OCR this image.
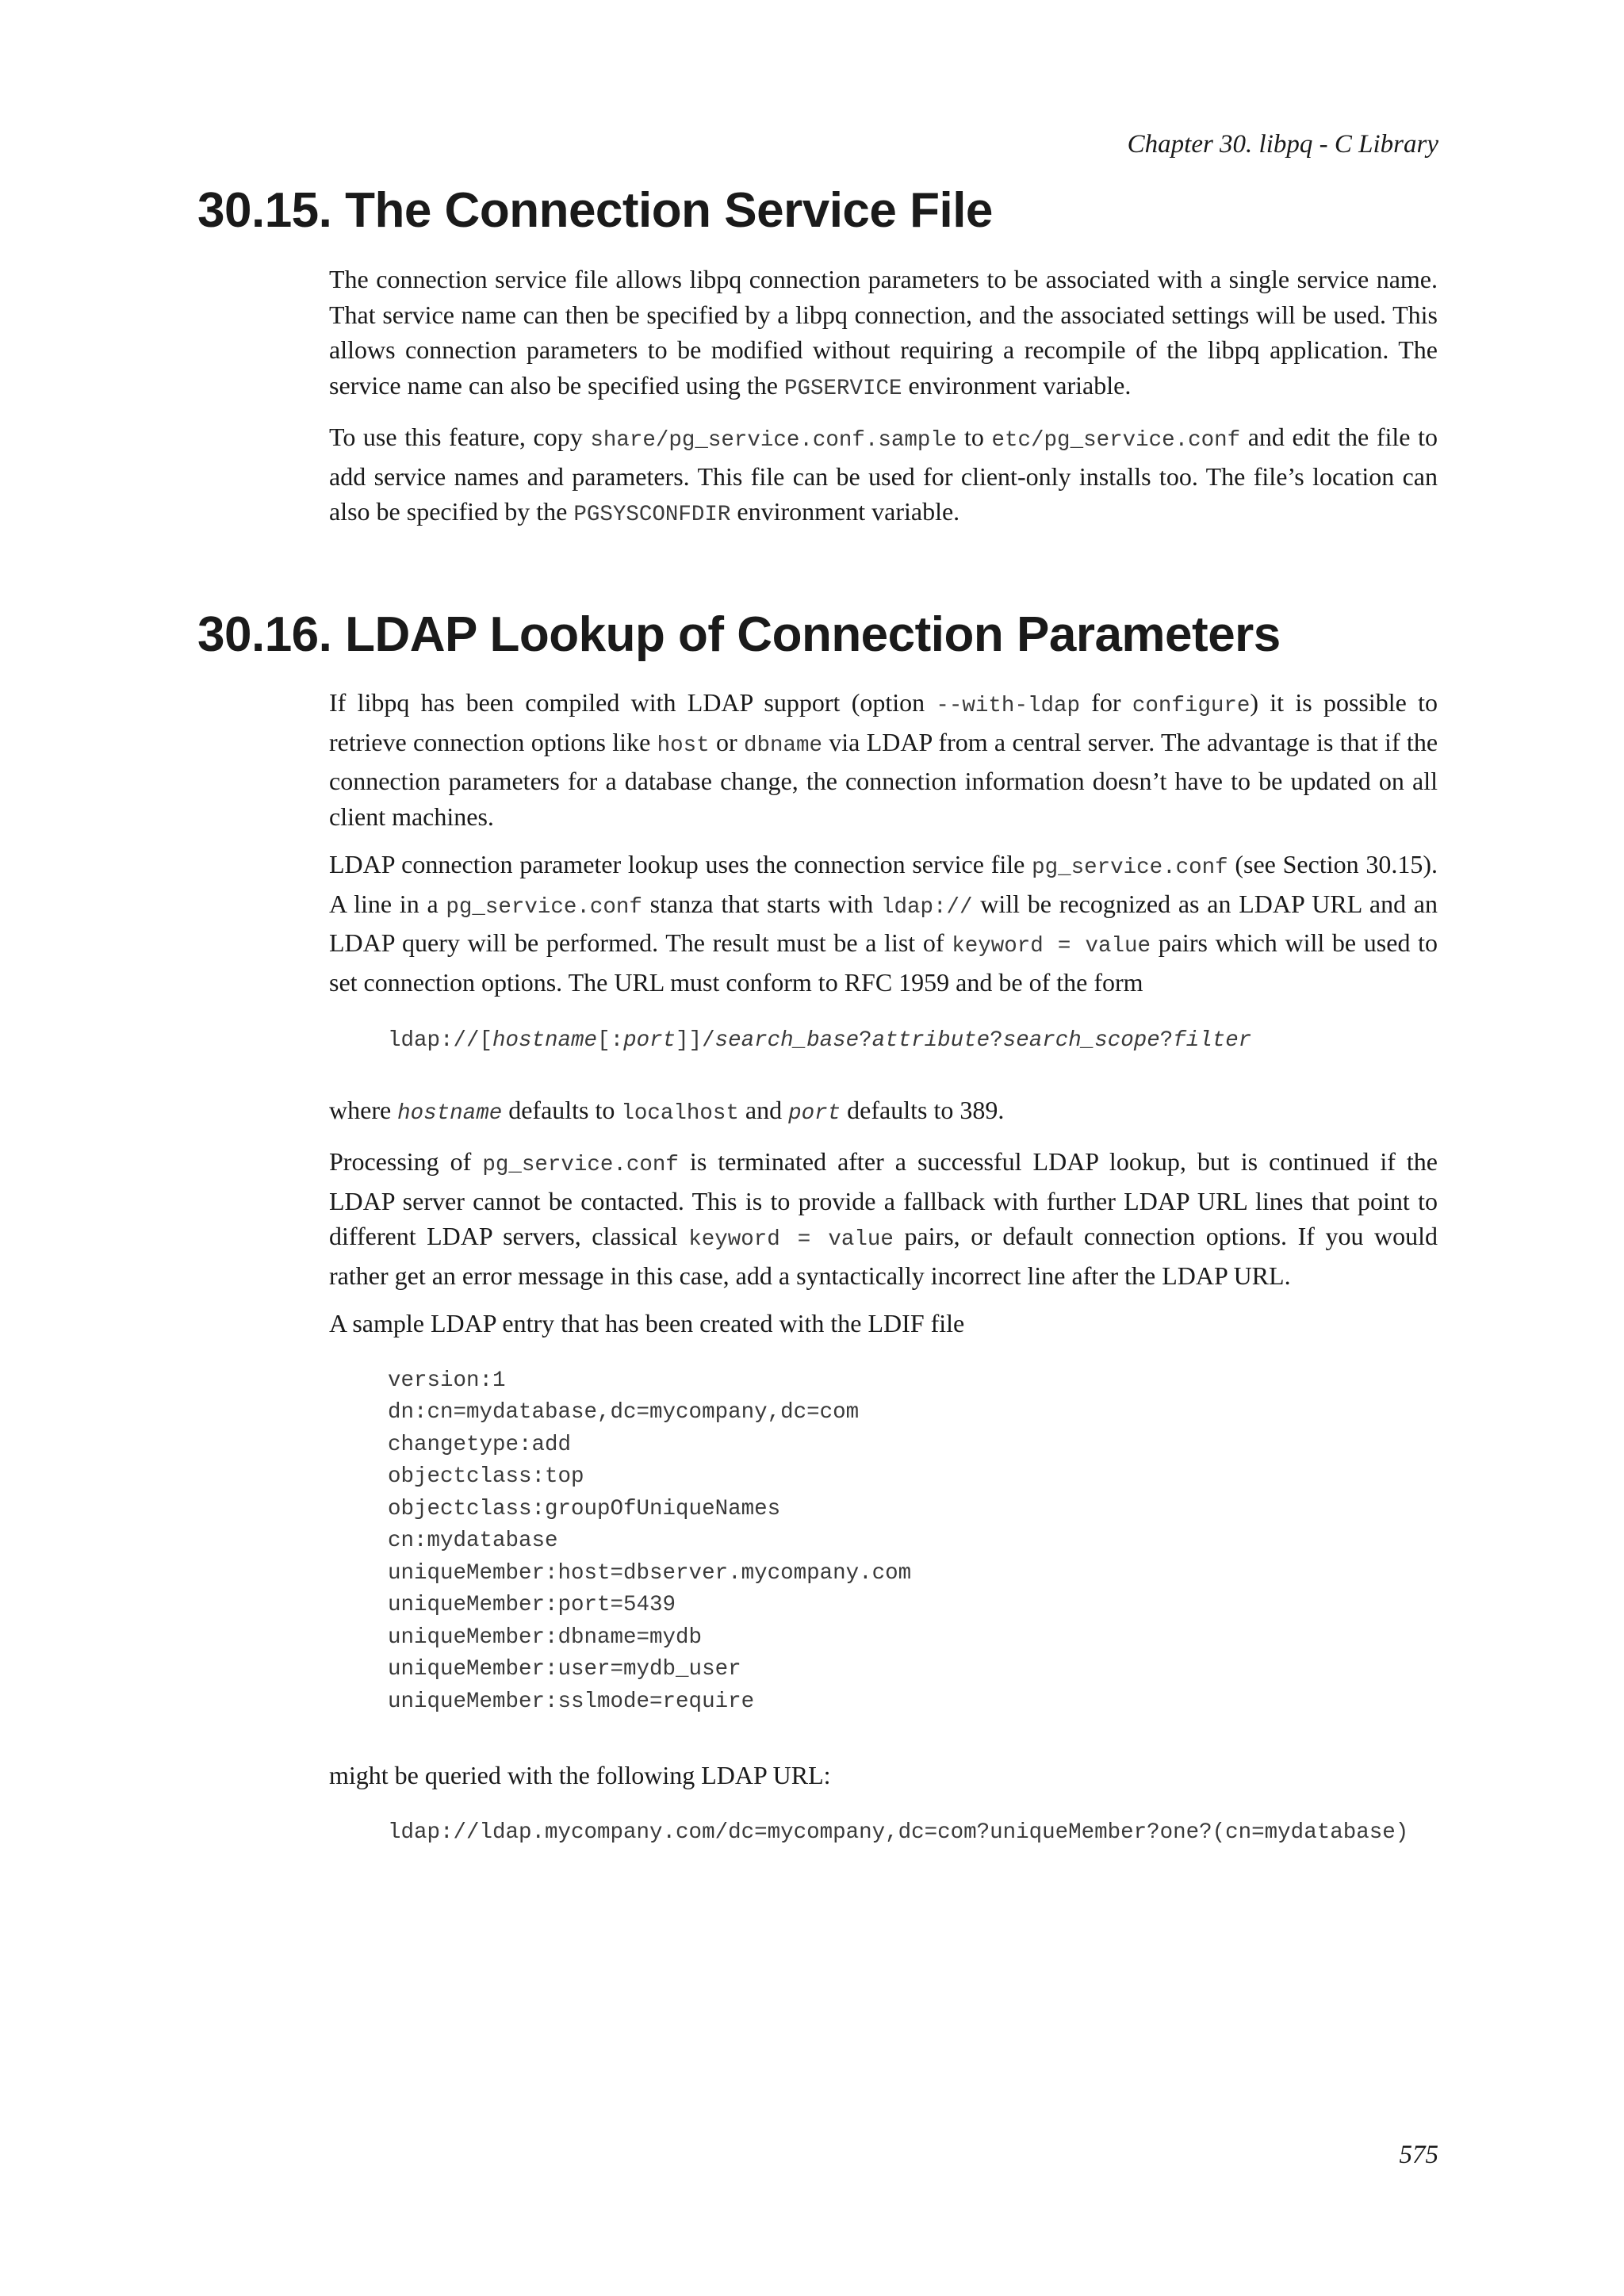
Chapter 30. libpq - C Library
30.15. The Connection Service File

The connection service file allows libpq connection parameters to be associated with a single service name. That service name can then be specified by a libpq connection, and the associated settings will be used. This allows connection parameters to be modified without requiring a recompile of the libpq application. The service name can also be specified using the PGSERVICE environment variable.

To use this feature, copy share/pg_service.conf.sample to etc/pg_service.conf and edit the file to add service names and parameters. This file can be used for client-only installs too. The file’s location can also be specified by the PGSYSCONFDIR environment variable.

30.16. LDAP Lookup of Connection Parameters

If libpq has been compiled with LDAP support (option --with-ldap for configure) it is possible to retrieve connection options like host or dbname via LDAP from a central server. The advantage is that if the connection parameters for a database change, the connection information doesn’t have to be updated on all client machines.

LDAP connection parameter lookup uses the connection service file pg_service.conf (see Section 30.15). A line in a pg_service.conf stanza that starts with ldap:// will be recognized as an LDAP URL and an LDAP query will be performed. The result must be a list of keyword = value pairs which will be used to set connection options. The URL must conform to RFC 1959 and be of the form

ldap://[hostname[:port]]/search_base?attribute?search_scope?filter

where hostname defaults to localhost and port defaults to 389.

Processing of pg_service.conf is terminated after a successful LDAP lookup, but is continued if the LDAP server cannot be contacted. This is to provide a fallback with further LDAP URL lines that point to different LDAP servers, classical keyword = value pairs, or default connection options. If you would rather get an error message in this case, add a syntactically incorrect line after the LDAP URL.

A sample LDAP entry that has been created with the LDIF file

version:1
dn:cn=mydatabase,dc=mycompany,dc=com
changetype:add
objectclass:top
objectclass:groupOfUniqueNames
cn:mydatabase
uniqueMember:host=dbserver.mycompany.com
uniqueMember:port=5439
uniqueMember:dbname=mydb
uniqueMember:user=mydb_user
uniqueMember:sslmode=require

might be queried with the following LDAP URL:

ldap://ldap.mycompany.com/dc=mycompany,dc=com?uniqueMember?one?(cn=mydatabase)
575
